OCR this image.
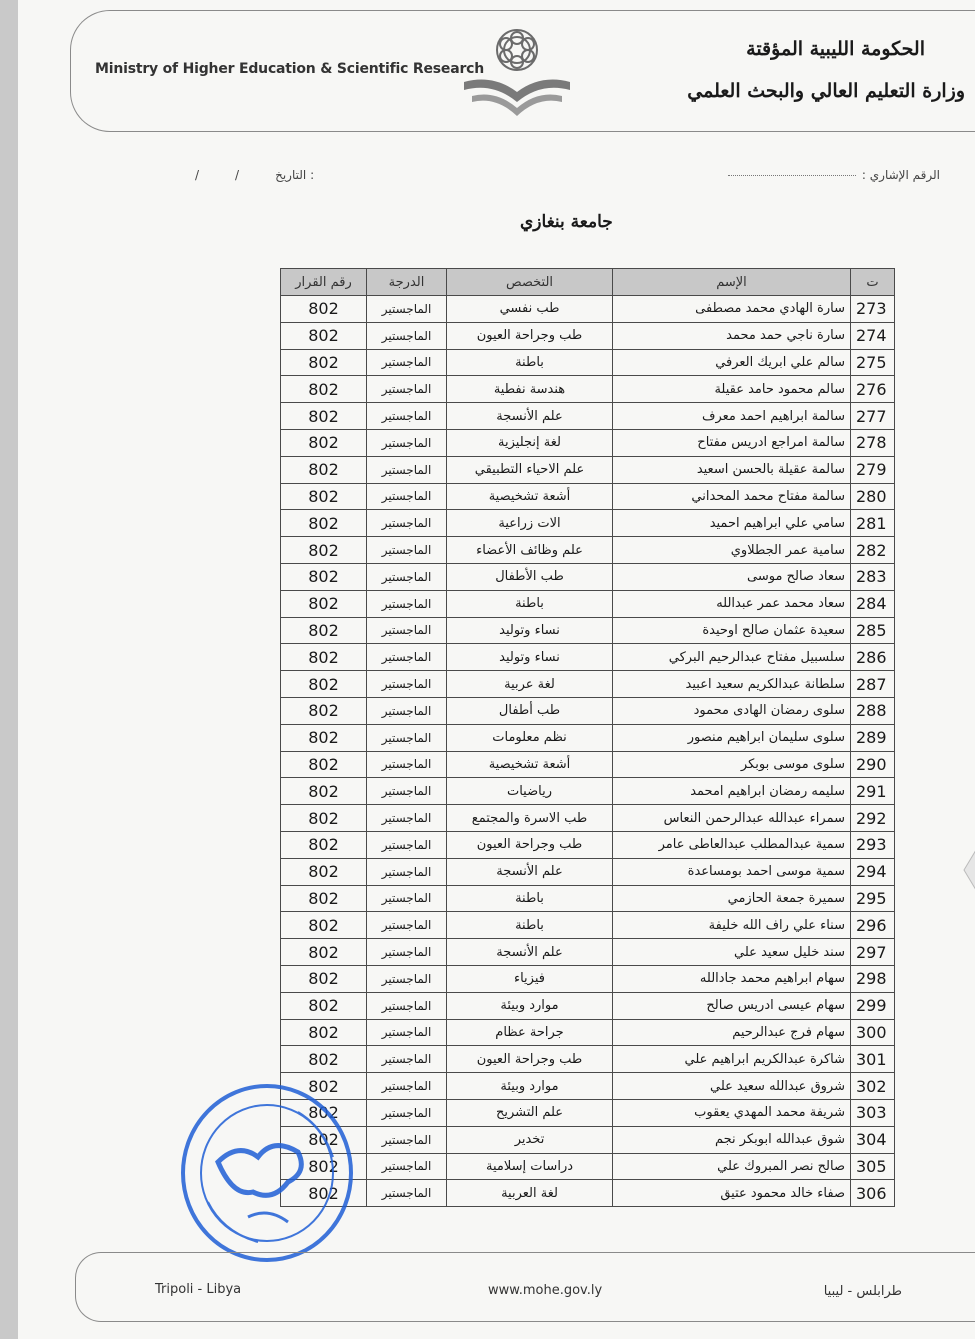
Ministry of Higher Education & Scientific Research
الحكومة الليبية المؤقتة
وزارة التعليم العالي والبحث العلمي
الرقم الإشاري :
/	/	التاريخ :
جامعة بنغازي
ت	الإسم	التخصص	الدرجة	رقم القرار
273	سارة الهادي محمد مصطفى	طب نفسي	الماجستير	802
274	سارة ناجي حمد محمد	طب وجراحة العيون	الماجستير	802
275	سالم علي ابريك العرفي	باطنة	الماجستير	802
276	سالم محمود حامد عقيلة	هندسة نفطية	الماجستير	802
277	سالمة ابراهيم احمد معرف	علم الأنسجة	الماجستير	802
278	سالمة امراجع ادريس مفتاح	لغة إنجليزية	الماجستير	802
279	سالمة عقيلة بالحسن اسعيد	علم الاحياء التطبيقي	الماجستير	802
280	سالمة مفتاح محمد المحداني	أشعة تشخيصية	الماجستير	802
281	سامي علي ابراهيم احميد	الات زراعية	الماجستير	802
282	سامية عمر الجطلاوي	علم وظائف الأعضاء	الماجستير	802
283	سعاد صالح موسى	طب الأطفال	الماجستير	802
284	سعاد محمد عمر عبدالله	باطنة	الماجستير	802
285	سعيدة عثمان صالح اوحيدة	نساء وتوليد	الماجستير	802
286	سلسبيل مفتاح عبدالرحيم البركي	نساء وتوليد	الماجستير	802
287	سلطانة عبدالكريم سعيد اعبيد	لغة عربية	الماجستير	802
288	سلوى رمضان الهادى محمود	طب أطفال	الماجستير	802
289	سلوى سليمان ابراهيم منصور	نظم معلومات	الماجستير	802
290	سلوى موسى بوبكر	أشعة تشخيصية	الماجستير	802
291	سليمه رمضان ابراهيم امحمد	رياضيات	الماجستير	802
292	سمراء عبدالله عبدالرحمن النعاس	طب الاسرة والمجتمع	الماجستير	802
293	سمية عبدالمطلب عبدالعاطى عامر	طب وجراحة العيون	الماجستير	802
294	سمية موسى احمد بومساعدة	علم الأنسجة	الماجستير	802
295	سميرة جمعة الحازمي	باطنة	الماجستير	802
296	سناء علي راف الله خليفة	باطنة	الماجستير	802
297	سند خليل سعيد علي	علم الأنسجة	الماجستير	802
298	سهام ابراهيم محمد جادالله	فيزياء	الماجستير	802
299	سهام عيسى ادريس صالح	موارد وبيئة	الماجستير	802
300	سهام فرج عبدالرحيم	جراحة عظام	الماجستير	802
301	شاكرة عبدالكريم ابراهيم علي	طب وجراحة العيون	الماجستير	802
302	شروق عبدالله سعيد علي	موارد وبيئة	الماجستير	802
303	شريفة محمد المهدي يعقوب	علم التشريح	الماجستير	802
304	شوق عبدالله ابوبكر نجم	تخدير	الماجستير	802
305	صالح نصر المبروك علي	دراسات إسلامية	الماجستير	802
306	صفاء خالد محمود عتيق	لغة العربية	الماجستير	802
Tripoli - Libya	www.mohe.gov.ly	طرابلس - ليبيا
